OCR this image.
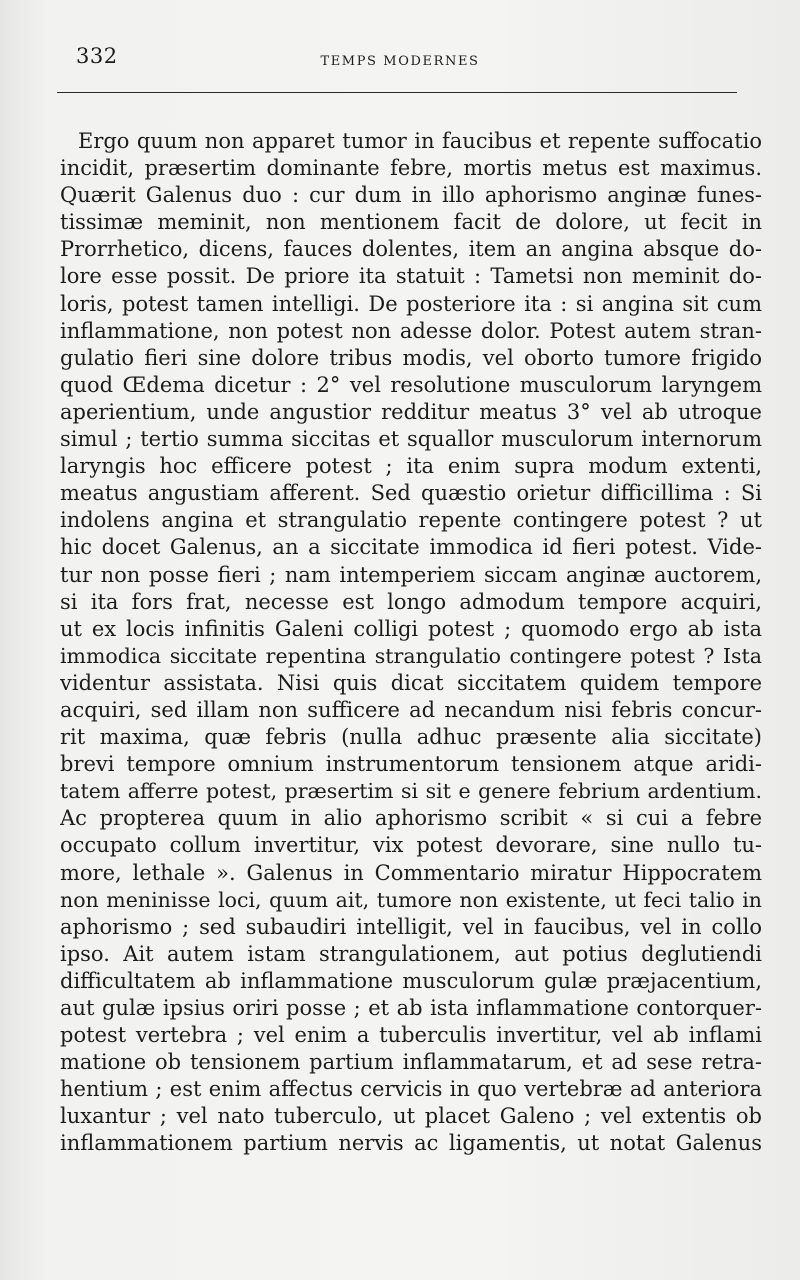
332	TEMPS MODERNES
Ergo quum non apparet tumor in faucibus et repente suffocatio
incidit, præsertim dominante febre, mortis metus est maximus.
Quærit Galenus duo : cur dum in illo aphorismo anginæ funes-
tissimæ meminit, non mentionem facit de dolore, ut fecit in
Prorrhetico, dicens, fauces dolentes, item an angina absque do-
lore esse possit. De priore ita statuit : Tametsi non meminit do-
loris, potest tamen intelligi. De posteriore ita : si angina sit cum
inflammatione, non potest non adesse dolor. Potest autem stran-
gulatio fieri sine dolore tribus modis, vel oborto tumore frigido
quod Œdema dicetur : 2° vel resolutione musculorum laryngem
aperientium, unde angustior redditur meatus 3° vel ab utroque
simul ; tertio summa siccitas et squallor musculorum internorum
laryngis hoc efficere potest ; ita enim supra modum extenti,
meatus angustiam afferent. Sed quæstio orietur difficillima : Si
indolens angina et strangulatio repente contingere potest ? ut
hic docet Galenus, an a siccitate immodica id fieri potest. Vide-
tur non posse fieri ; nam intemperiem siccam anginæ auctorem,
si ita fors frat, necesse est longo admodum tempore acquiri,
ut ex locis infinitis Galeni colligi potest ; quomodo ergo ab ista
immodica siccitate repentina strangulatio contingere potest ? Ista
videntur assistata. Nisi quis dicat siccitatem quidem tempore
acquiri, sed illam non sufficere ad necandum nisi febris concur-
rit maxima, quæ febris (nulla adhuc præsente alia siccitate)
brevi tempore omnium instrumentorum tensionem atque aridi-
tatem afferre potest, præsertim si sit e genere febrium ardentium.
Ac propterea quum in alio aphorismo scribit « si cui a febre
occupato collum invertitur, vix potest devorare, sine nullo tu-
more, lethale ». Galenus in Commentario miratur Hippocratem
non meninisse loci, quum ait, tumore non existente, ut feci talio in
aphorismo ; sed subaudiri intelligit, vel in faucibus, vel in collo
ipso. Ait autem istam strangulationem, aut potius deglutiendi
difficultatem ab inflammatione musculorum gulæ præjacentium,
aut gulæ ipsius oriri posse ; et ab ista inflammatione contorquer-
potest vertebra ; vel enim a tuberculis invertitur, vel ab inflami
matione ob tensionem partium inflammatarum, et ad sese retra-
hentium ; est enim affectus cervicis in quo vertebræ ad anteriora
luxantur ; vel nato tuberculo, ut placet Galeno ; vel extentis ob
inflammationem partium nervis ac ligamentis, ut notat Galenus
